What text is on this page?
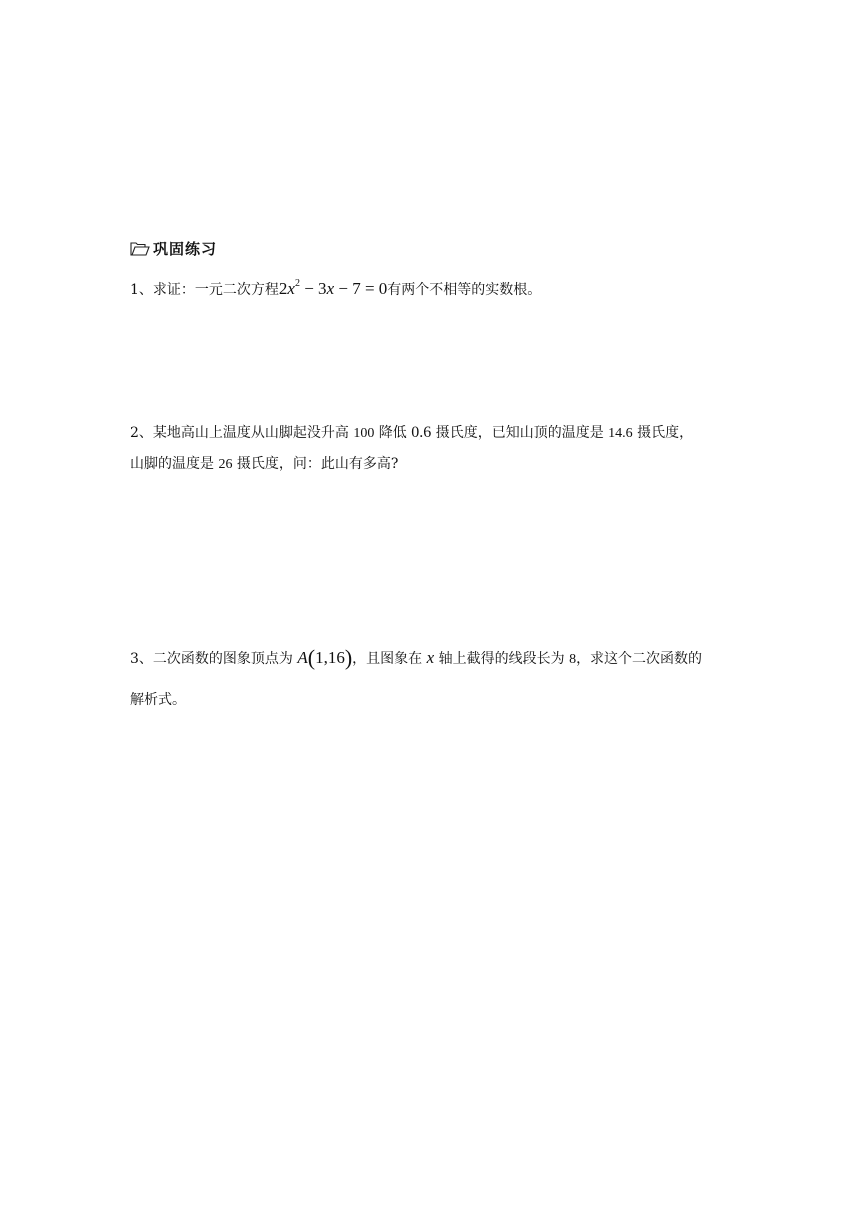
巩固练习
1、求证：一元二次方程$2x^2 - 3x - 7 = 0$有两个不相等的实数根。
2、某地高山上温度从山脚起没升高 100 降低 0.6 摄氏度，已知山顶的温度是 14.6 摄氏度，
山脚的温度是 26 摄氏度，问：此山有多高?
3、二次函数的图象顶点为 A(1,16)，且图象在 x 轴上截得的线段长为 8，求这个二次函数的
解析式。
